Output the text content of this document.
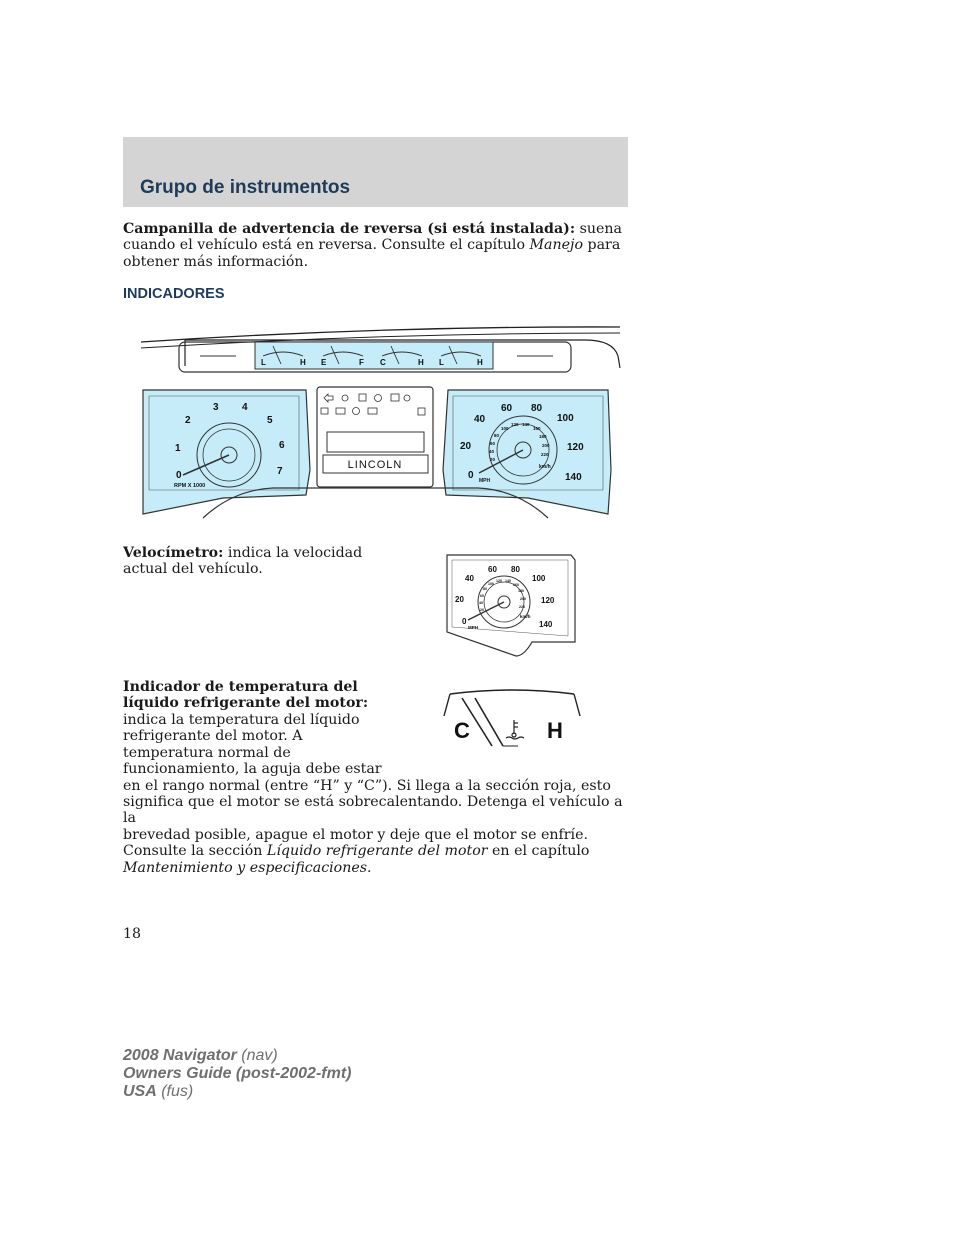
Grupo de instrumentos

Campanilla de advertencia de reversa (si está instalada): suena cuando el vehículo está en reversa. Consulte el capítulo Manejo para obtener más información.

INDICADORES
L	H E	F C	H L	H
0
1
2
3 4
5
6
7
RPM X 1000
LINCOLN
0
20
40
60 80
100
120
140
20
40
60
80
100
120 140
160
180
200
220
MPH
km/h

Velocímetro: indica la velocidad actual del vehículo.

0
20
40
60 80
100
120
140
20
40
60
80
100
120 140
160
180
200
220
MPH
km/h

Indicador de temperatura del
líquido refrigerante del motor:

indica la temperatura del líquido
refrigerante del motor. A
temperatura normal de
funcionamiento, la aguja debe estar
en el rango normal (entre “H” y “C”). Si llega a la sección roja, esto
significa que el motor se está sobrecalentando. Detenga el vehículo a la
brevedad posible, apague el motor y deje que el motor se enfríe.
Consulte la sección Líquido refrigerante del motor en el capítulo
Mantenimiento y especificaciones.
C	H
18
2008 Navigator (nav)
Owners Guide (post-2002-fmt)
USA (fus)
